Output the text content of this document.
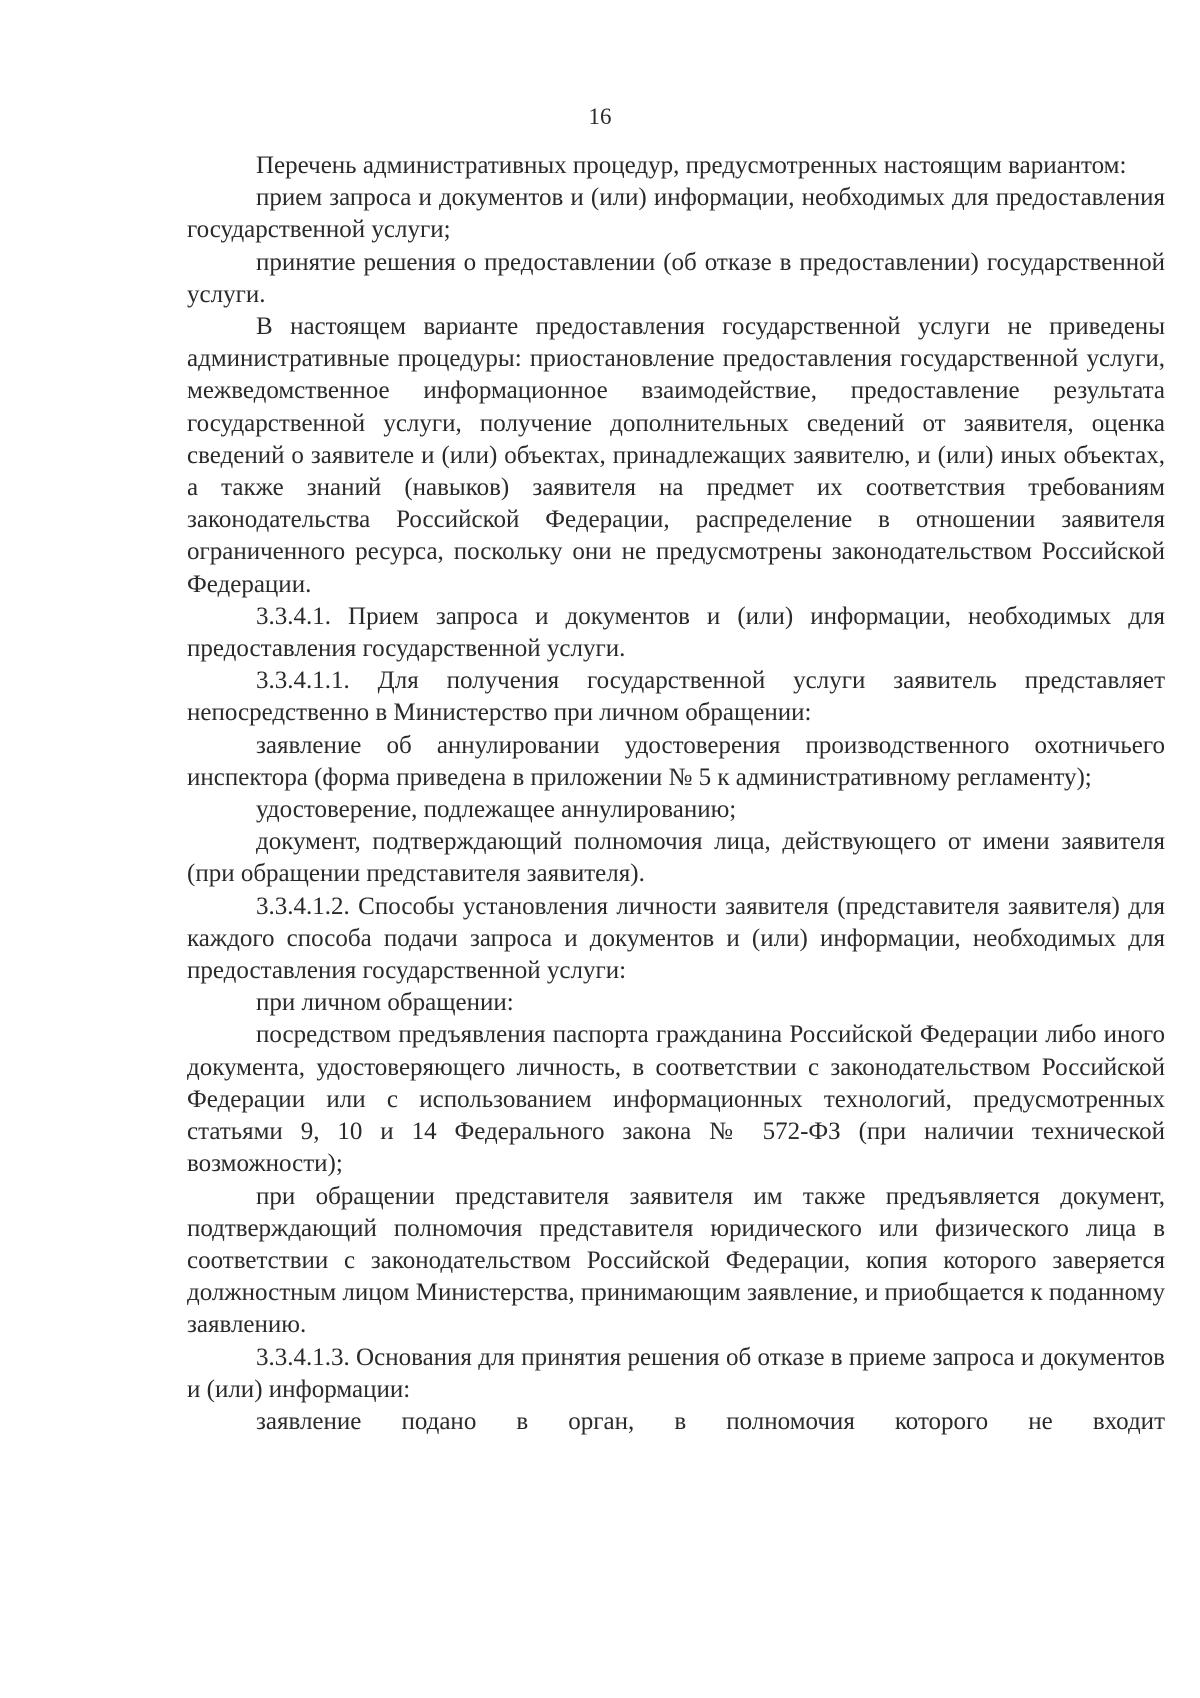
16

Перечень административных процедур, предусмотренных настоящим вариантом:

прием запроса и документов и (или) информации, необходимых для предоставления государственной услуги;

принятие решения о предоставлении (об отказе в предоставлении) государственной услуги.

В настоящем варианте предоставления государственной услуги не приведены административные процедуры: приостановление предоставления государственной услуги, межведомственное информационное взаимодействие, предоставление результата государственной услуги, получение дополнительных сведений от заявителя, оценка сведений о заявителе и (или) объектах, принадлежащих заявителю, и (или) иных объектах, а также знаний (навыков) заявителя на предмет их соответствия требованиям законодательства Российской Федерации, распределение в отношении заявителя ограниченного ресурса, поскольку они не предусмотрены законодательством Российской Федерации.

3.3.4.1. Прием запроса и документов и (или) информации, необходимых для предоставления государственной услуги.

3.3.4.1.1. Для получения государственной услуги заявитель представляет непосредственно в Министерство при личном обращении:

заявление об аннулировании удостоверения производственного охотничьего инспектора (форма приведена в приложении № 5 к административному регламенту);

удостоверение, подлежащее аннулированию;

документ, подтверждающий полномочия лица, действующего от имени заявителя (при обращении представителя заявителя).

3.3.4.1.2. Способы установления личности заявителя (представителя заявителя) для каждого способа подачи запроса и документов и (или) информации, необходимых для предоставления государственной услуги:

при личном обращении:

посредством предъявления паспорта гражданина Российской Федерации либо иного документа, удостоверяющего личность, в соответствии с законодательством Российской Федерации или с использованием информационных технологий, предусмотренных статьями 9, 10 и 14 Федерального закона № 572-ФЗ (при наличии технической возможности);

при обращении представителя заявителя им также предъявляется документ, подтверждающий полномочия представителя юридического или физического лица в соответствии с законодательством Российской Федерации, копия которого заверяется должностным лицом Министерства, принимающим заявление, и приобщается к поданному заявлению.

3.3.4.1.3. Основания для принятия решения об отказе в приеме запроса и документов и (или) информации:

заявление подано в орган, в полномочия которого не входит
